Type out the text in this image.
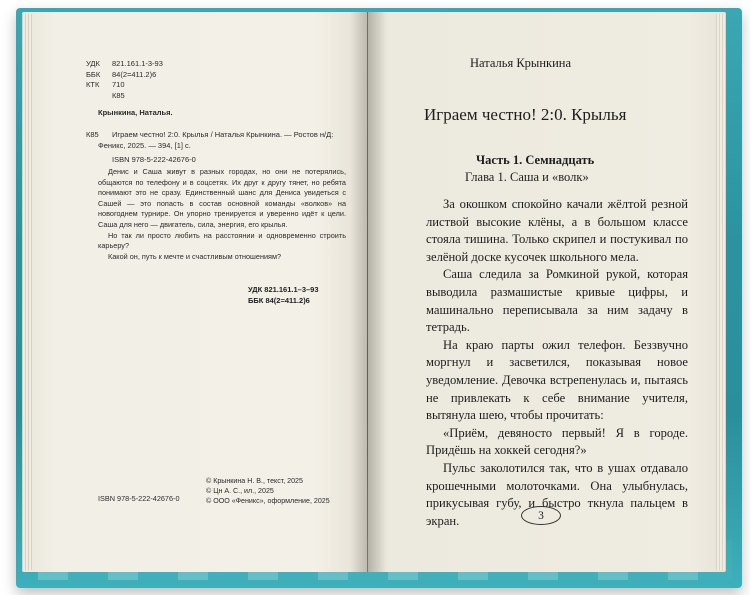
УДК	821.161.1-3-93
ББК	84(2=411.2)6
КТК	710
К85
Крынкина, Наталья.
К85 Играем честно! 2:0. Крылья / Наталья Крынкина. — Ростов н/Д:
Феникс, 2025. — 394, [1] с.
ISBN 978-5-222-42676-0

Денис и Саша живут в разных городах, но они не потерялись, общаются по телефону и в соцсетях. Их друг к другу тянет, но ребята понимают это не сразу. Единственный шанс для Дениса увидеться с Сашей — это попасть в состав основной команды «волков» на новогоднем турнире. Он упорно тренируется и уверенно идёт к цели. Саша для него — двигатель, сила, энергия, его крылья.

Но так ли просто любить на расстоянии и одновременно строить карьеру?

Какой он, путь к мечте и счастливым отношениям?

УДК 821.161.1–3–93
ББК 84(2=411.2)6
ISBN 978-5-222-42676-0
© Крынкина Н. В., текст, 2025
© Цн А. С., ил., 2025
© ООО «Феникс», оформление, 2025
Наталья Крынкина
Играем честно! 2:0. Крылья
Часть 1. Семнадцать
Глава 1. Саша и «волк»

За окошком спокойно качали жёлтой резной листвой высокие клёны, а в большом классе стояла тишина. Только скрипел и постукивал по зелёной доске кусочек школьного мела.

Саша следила за Ромкиной рукой, которая выводила размашистые кривые цифры, и машинально переписывала за ним задачу в тетрадь.

На краю парты ожил телефон. Беззвучно моргнул и засветился, показывая новое уведомление. Девочка встрепенулась и, пытаясь не привлекать к себе внимание учителя, вытянула шею, чтобы прочитать:

«Приём, девяносто первый! Я в городе. Придёшь на хоккей сегодня?»

Пульс заколотился так, что в ушах отдавало крошечными молоточками. Она улыбнулась, прикусывая губу, и быстро ткнула пальцем в экран.	3
